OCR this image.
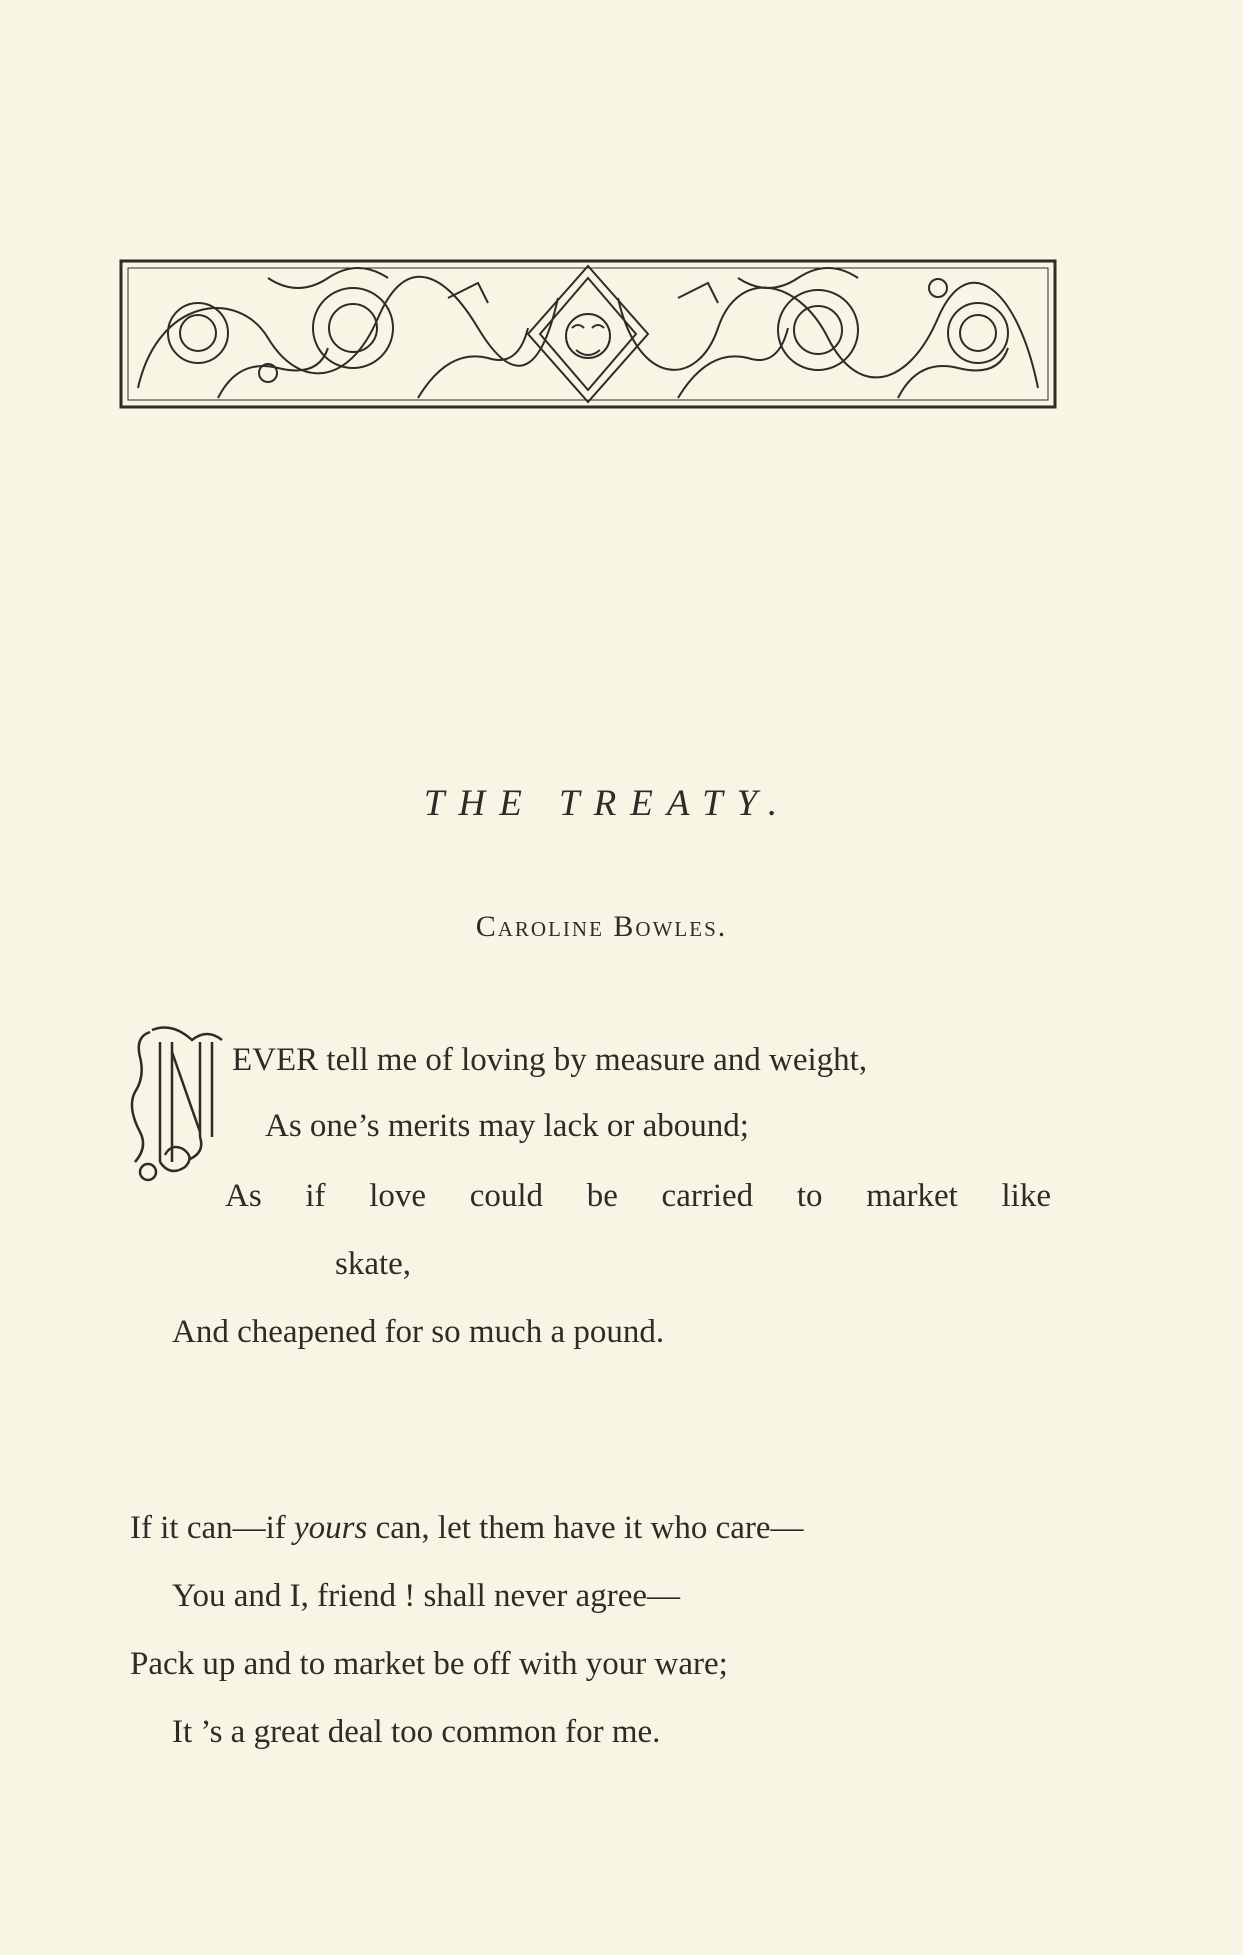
THE TREATY.
Caroline Bowles.
N
EVER tell me of loving by measure and weight,
As one’s merits may lack or abound;
As if love could be carried to market like
skate,
And cheapened for so much a pound.
If it can—if yours can, let them have it who care—
You and I, friend ! shall never agree—
Pack up and to market be off with your ware;
It ’s a great deal too common for me.
